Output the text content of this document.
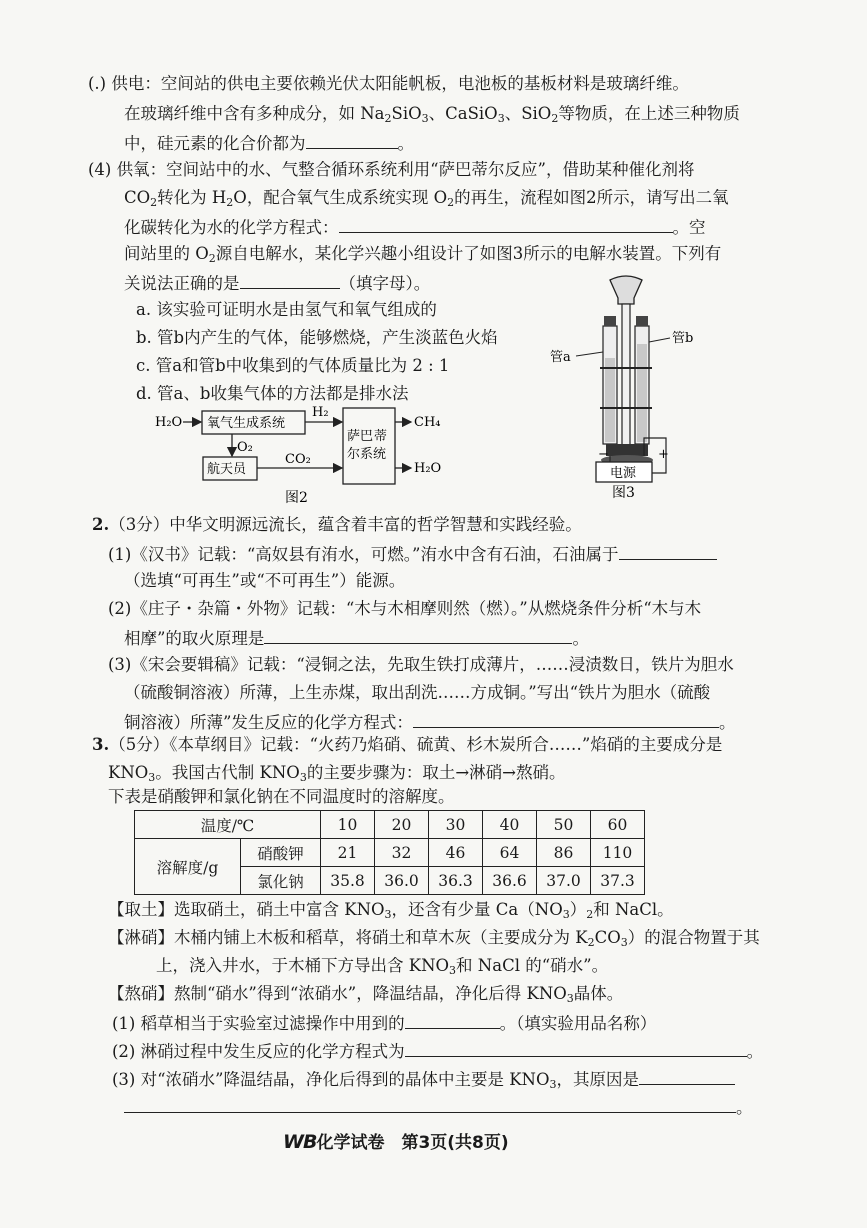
(.) 供电：空间站的供电主要依赖光伏太阳能帆板，电池板的基板材料是玻璃纤维。
在玻璃纤维中含有多种成分，如 $Na_2SiO_3$、CaSiO$_3$、SiO$_2$等物质，在上述三种物质
中，硅元素的化合价都为	。
(4) 供氧：空间站中的水、气整合循环系统利用“萨巴蒂尔反应”，借助某种催化剂将
$CO_2$转化为 $H_2O$，配合氧气生成系统实现 $O_2$的再生，流程如图2所示，请写出二氧
化碳转化为水的化学方程式：	。空
间站里的 $O_2$源自电解水，某化学兴趣小组设计了如图3所示的电解水装置。下列有
关说法正确的是	（填字母）。
a. 该实验可证明水是由氢气和氧气组成的
b. 管b内产生的气体，能够燃烧，产生淡蓝色火焰
c. 管a和管b中收集到的气体质量比为 2 : 1
d. 管a、b收集气体的方法都是排水法
H₂O 氧气生成系统
H₂
O₂
航天员
CO₂
萨巴 蒂
尔系统
CH₄
H₂O
图2
−	+
电源
管a
管b
图3
2.（3分）中华文明源远流长，蕴含着丰富的哲学智慧和实践经验。
(1)《汉书》记载：“高奴县有洧水，可燃。”洧水中含有石油，石油属于
（选填“可再生”或“不可再生”）能源。
(2)《庄子・杂篇・外物》记载：“木与木相摩则然（燃）。”从燃烧条件分析“木与木
相摩”的取火原理是	。
(3)《宋会要辑稿》记载：“浸铜之法，先取生铁打成薄片，……浸渍数日，铁片为胆水
（硫酸铜溶液）所薄，上生赤煤，取出刮洗……方成铜。”写出“铁片为胆水（硫酸
铜溶液）所薄”发生反应的化学方程式：	。
3.（5分）《本草纲目》记载：“火药乃焰硝、硫黄、杉木炭所合……”焰硝的主要成分是
$KNO_3$。我国古代制 $KNO_3$的主要步骤为：取土→淋硝→熬硝。
下表是硝酸钾和氯化钠在不同温度时的溶解度。
温度/℃		10	20	30	40	50	60
溶解度/g	硝酸钾	21	32	46	64	86	110
	氯化钠	35.8	36.0	36.3	36.6	37.0	37.3
【取土】选取硝土，硝土中富含 $KNO_3$，还含有少量 $Ca(NO_3)_2$和 NaCl。
【淋硝】木桶内铺上木板和稻草，将硝土和草木灰（主要成分为 $K_2CO_3$）的混合物置于其
上，浇入井水，于木桶下方导出含 $KNO_3$和 NaCl 的“硝水”。
【熬硝】熬制“硝水”得到“浓硝水”，降温结晶，净化后得 $KNO_3$晶体。
(1) 稻草相当于实验室过滤操作中用到的	。（填实验用品名称）
(2) 淋硝过程中发生反应的化学方程式为	。
(3) 对“浓硝水”降温结晶，净化后得到的晶体中主要是 $KNO_3$，其原因是
。
WB化学试卷　第3页(共8页)
